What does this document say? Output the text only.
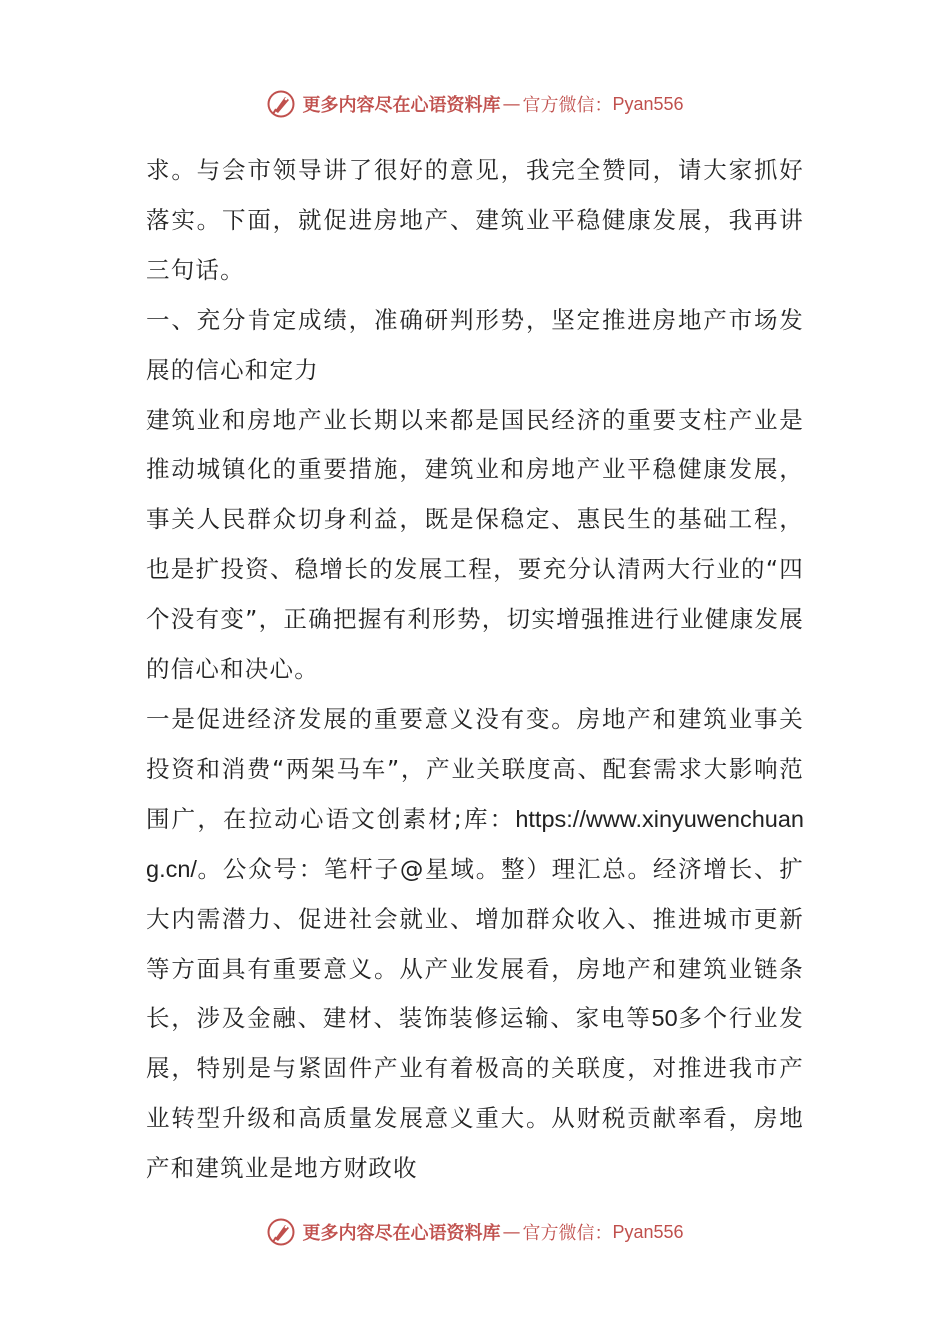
更多内容尽在心语资料库 — 官方微信： Pyan556

求。与会市领导讲了很好的意见，我完全赞同，请大家抓好落实。下面，就促进房地产、建筑业平稳健康发展，我再讲三句话。

一、充分肯定成绩，准确研判形势，坚定推进房地产市场发展的信心和定力

建筑业和房地产业长期以来都是国民经济的重要支柱产业是推动城镇化的重要措施，建筑业和房地产业平稳健康发展，事关人民群众切身利益，既是保稳定、惠民生的基础工程，也是扩投资、稳增长的发展工程，要充分认清两大行业的“四个没有变”，正确把握有利形势，切实增强推进行业健康发展的信心和决心。

一是促进经济发展的重要意义没有变。房地产和建筑业事关投资和消费“两架马车”，产业关联度高、配套需求大影响范围广，在拉动心语文创素材;库：https://www.xinyuwenchuang.cn/。公众号：笔杆子@星域。整）理汇总。经济增长、扩大内需潜力、促进社会就业、增加群众收入、推进城市更新等方面具有重要意义。从产业发展看，房地产和建筑业链条长，涉及金融、建材、装饰装修运输、家电等50多个行业发展，特别是与紧固件产业有着极高的关联度，对推进我市产业转型升级和高质量发展意义重大。从财税贡献率看，房地产和建筑业是地方财政收

更多内容尽在心语资料库 — 官方微信： Pyan556
